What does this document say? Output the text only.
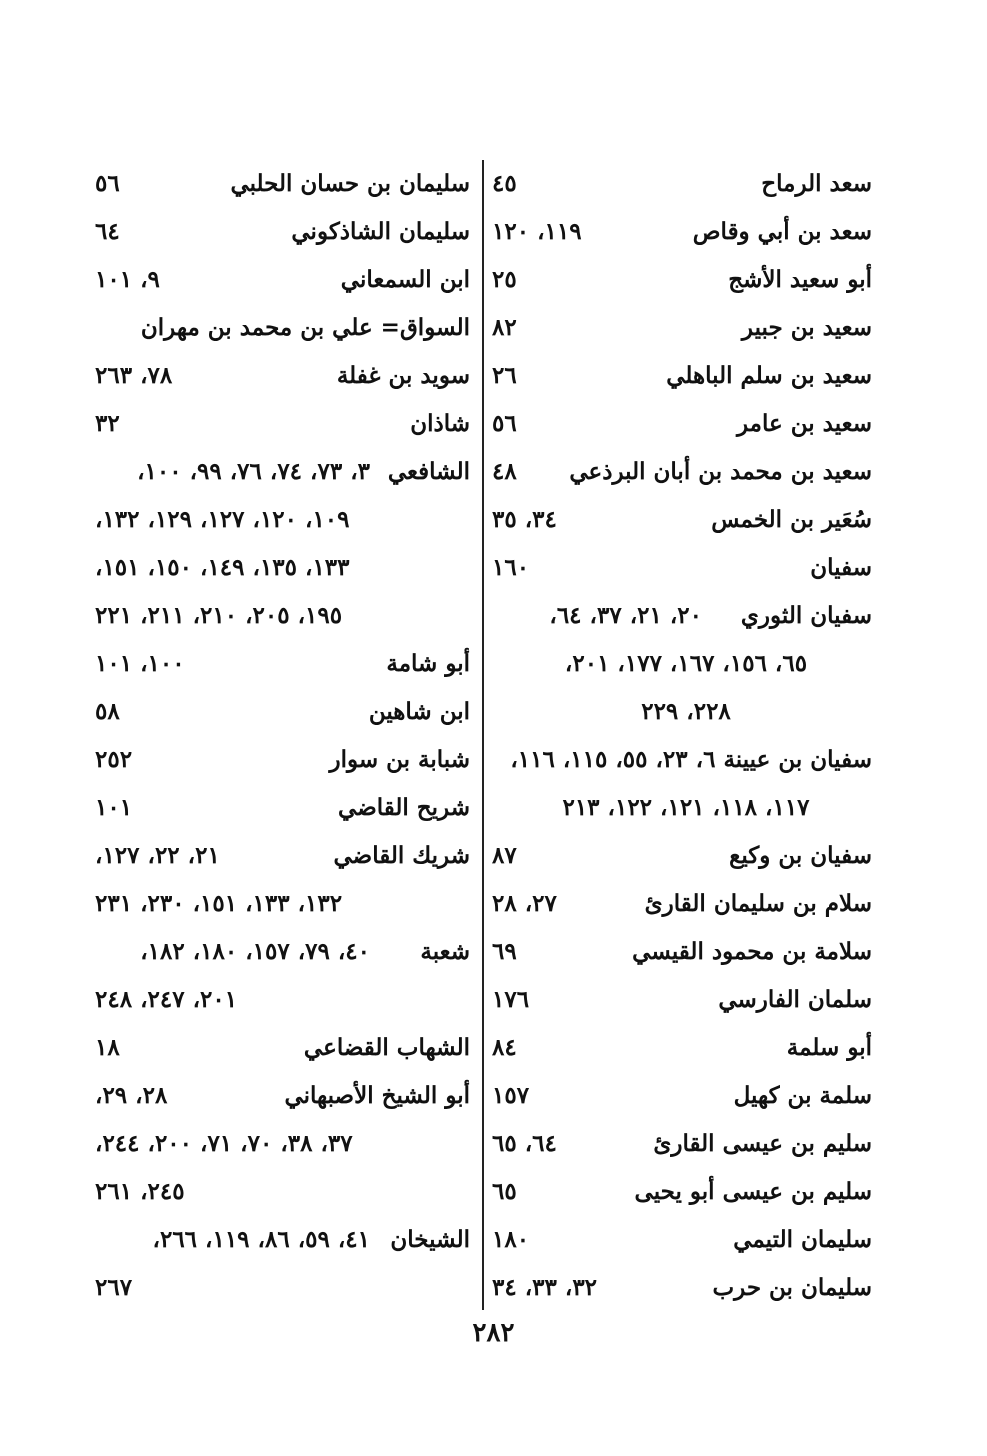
سعد الرماح
٤٥
سعد بن أبي وقاص
١١٩، ١٢٠
أبو سعيد الأشج
٢٥
سعيد بن جبير
٨٢
سعيد بن سلم الباهلي
٢٦
سعيد بن عامر
٥٦
سعيد بن محمد بن أبان البرذعي
٤٨
سُعَير بن الخمس
٣٤، ٣٥
سفيان
١٦٠
سفيان الثوري
٢٠، ٢١، ٣٧، ٦٤،
٦٥، ١٥٦، ١٦٧، ١٧٧، ٢٠١،
٢٢٨، ٢٢٩
سفيان بن عيينة ٦، ٢٣، ٥٥، ١١٥، ١١٦،
١١٧، ١١٨، ١٢١، ١٢٢، ٢١٣
سفيان بن وكيع
٨٧
سلام بن سليمان القارئ
٢٧، ٢٨
سلامة بن محمود القيسي
٦٩
سلمان الفارسي
١٧٦
أبو سلمة
٨٤
سلمة بن كهيل
١٥٧
سليم بن عيسى القارئ
٦٤، ٦٥
سليم بن عيسى أبو يحيى
٦٥
سليمان التيمي
١٨٠
سليمان بن حرب
٣٢، ٣٣، ٣٤
سليمان بن حسان الحلبي
٥٦
سليمان الشاذكوني
٦٤
ابن السمعاني
٩، ١٠١
السواق= علي بن محمد بن مهران
سويد بن غفلة
٧٨، ٢٦٣
شاذان
٣٢
الشافعي
٣، ٧٣، ٧٤، ٧٦، ٩٩، ١٠٠،
١٠٩، ١٢٠، ١٢٧، ١٢٩، ١٣٢،
١٣٣، ١٣٥، ١٤٩، ١٥٠، ١٥١،
١٩٥، ٢٠٥، ٢١٠، ٢١١، ٢٢١
أبو شامة
١٠٠، ١٠١
ابن شاهين
٥٨
شبابة بن سوار
٢٥٢
شريح القاضي
١٠١
شريك القاضي
٢١، ٢٢، ١٢٧،
١٣٢، ١٣٣، ١٥١، ٢٣٠، ٢٣١
شعبة
٤٠، ٧٩، ١٥٧، ١٨٠، ١٨٢،
٢٠١، ٢٤٧، ٢٤٨
الشهاب القضاعي
١٨
أبو الشيخ الأصبهاني
٢٨، ٢٩،
٣٧، ٣٨، ٧٠، ٧١، ٢٠٠، ٢٤٤،
٢٤٥، ٢٦١
الشيخان
٤١، ٥٩، ٨٦، ١١٩، ٢٦٦،
٢٦٧
٢٨٢
